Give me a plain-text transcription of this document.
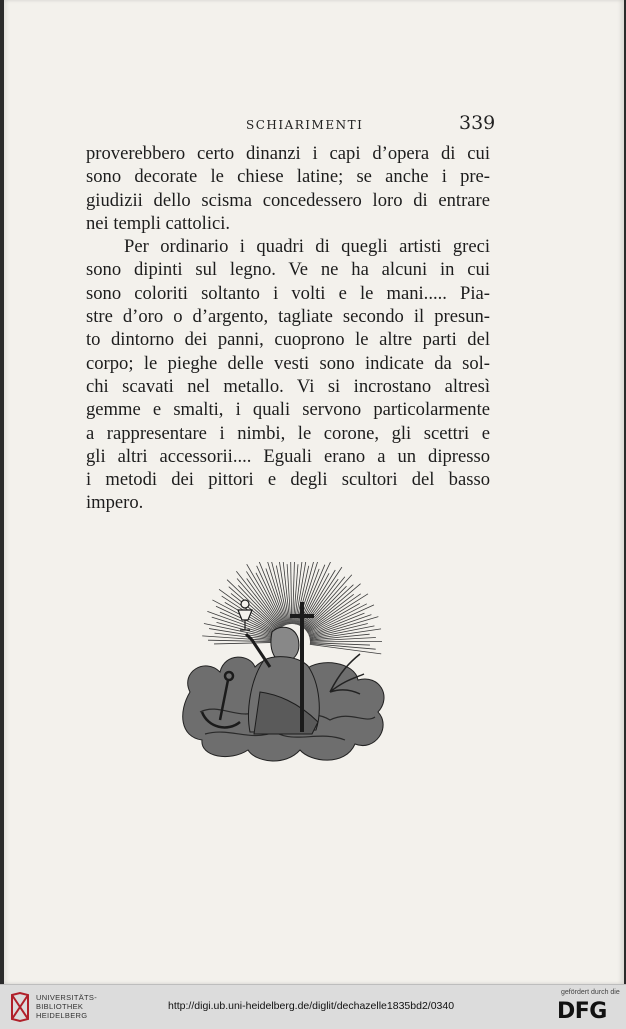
SCHIARIMENTI	339
proverebbero certo dinanzi i capi d’opera di cui
sono decorate le chiese latine; se anche i pre-
giudizii dello scisma concedessero loro di entrare
nei templi cattolici.
Per ordinario i quadri di quegli artisti greci
sono dipinti sul legno. Ve ne ha alcuni in cui
sono coloriti soltanto i volti e le mani..... Pia-
stre d’oro o d’argento, tagliate secondo il presun-
to dintorno dei panni, cuoprono le altre parti del
corpo; le pieghe delle vesti sono indicate da sol-
chi scavati nel metallo. Vi si incrostano altresì
gemme e smalti, i quali servono particolarmente
a rappresentare i nimbi, le corone, gli scettri e
gli altri accessorii.... Eguali erano a un dipresso
i metodi dei pittori e degli scultori del basso
impero.
UNIVERSITÄTS-
BIBLIOTHEK
HEIDELBERG
http://digi.ub.uni-heidelberg.de/diglit/dechazelle1835bd2/0340
gefördert durch die
DFG
